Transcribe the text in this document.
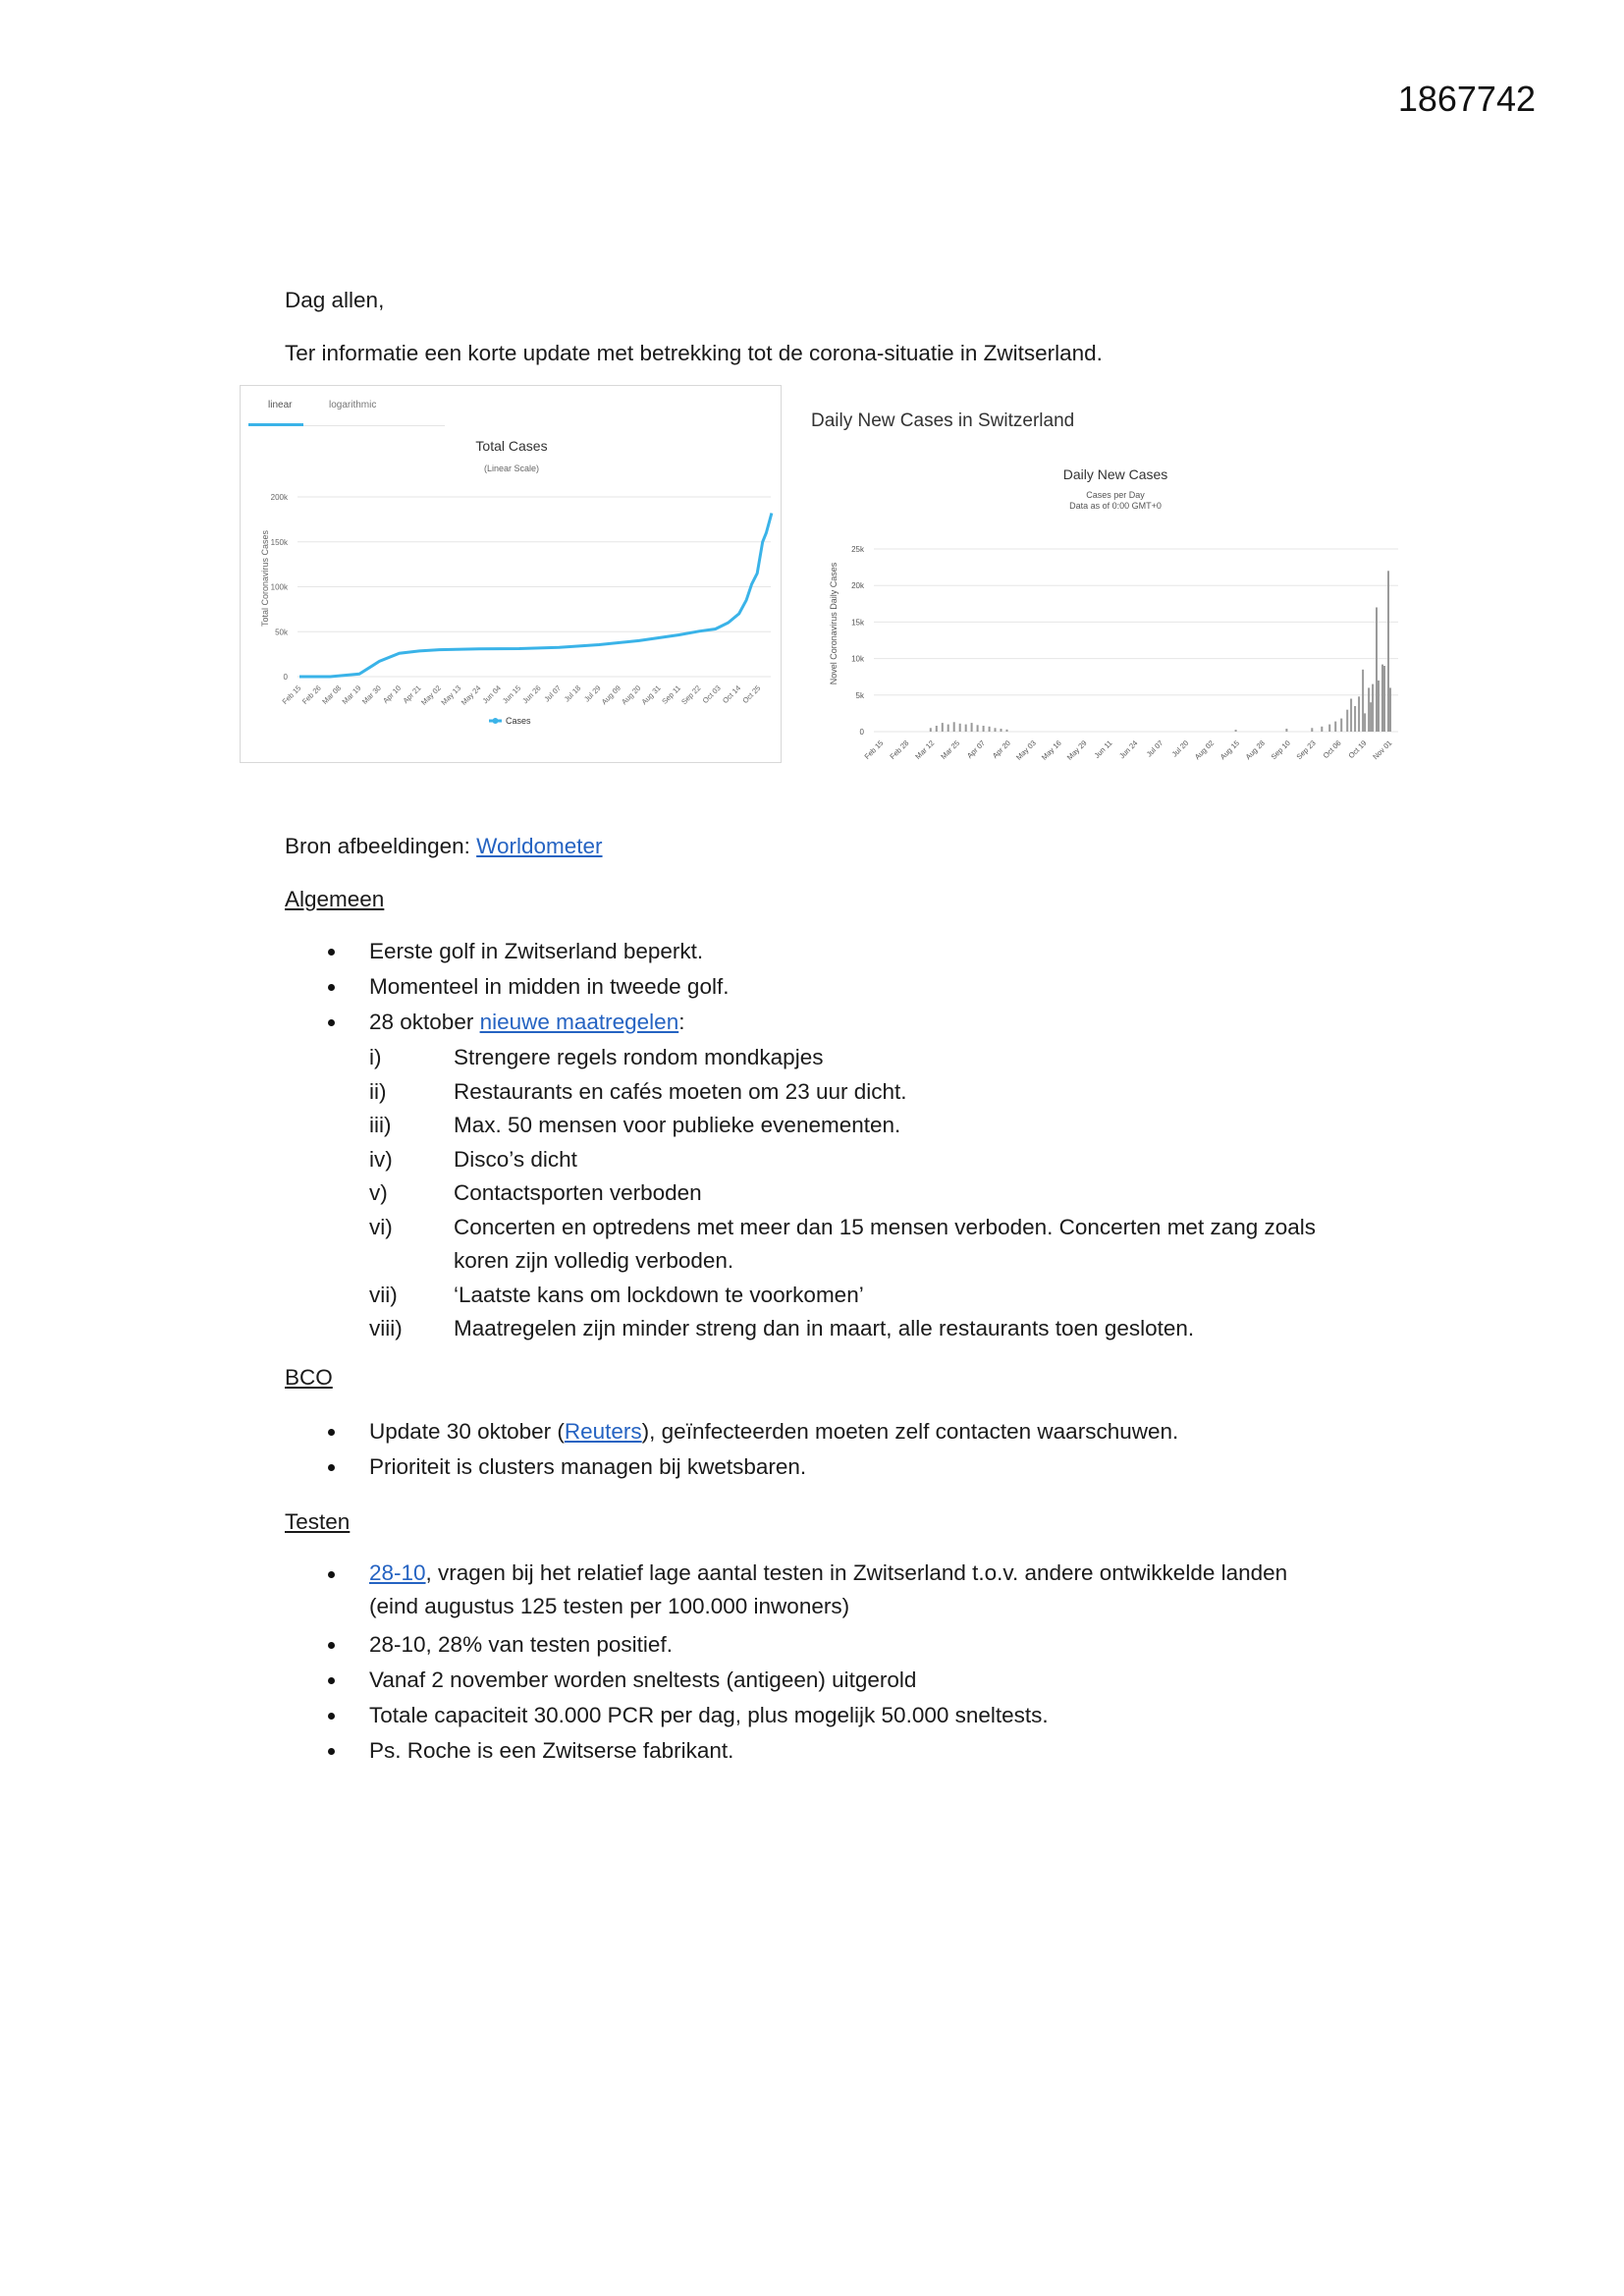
1867742
Dag allen,
Ter informatie een korte update met betrekking tot de corona-situatie in Zwitserland.
linear	logarithmic
Total Cases
(Linear Scale)
Total Coronavirus Cases
0
50k
100k
150k
200k
Feb 15
Feb 26
Mar 08
Mar 19
Mar 30
Apr 10
Apr 21
May 02
May 13
May 24
Jun 04
Jun 15
Jun 26 Jul 07 Jul 18 Jul 29
Aug 09
Aug 20
Aug 31
Sep 11
Sep 22
Oct 03
Oct 14
Oct 25
Cases
Daily New Cases in Switzerland
Daily New Cases
Cases per Day
Data as of 0:00 GMT+0
Novel Coronavirus Daily Cases
0
5k
10k
15k
20k
25k
Feb 15 Feb 28 Mar 12 Mar 25 Apr 07 Apr 20 May 03 May 16 May 29 Jun 11 Jun 24 Jul 07 Jul 20 Aug 02 Aug 15 Aug 28 Sep 10 Sep 23 Oct 06 Oct 19 Nov 01
Bron afbeeldingen: Worldometer
Algemeen
Eerste golf in Zwitserland beperkt.
Momenteel in midden in tweede golf.
28 oktober nieuwe maatregelen:
i)	Strengere regels rondom mondkapjes
ii)	Restaurants en cafés moeten om 23 uur dicht.
iii)	Max. 50 mensen voor publieke evenementen.
iv)	Disco’s dicht
v)	Contactsporten verboden
vi)	Concerten en optredens met meer dan 15 mensen verboden. Concerten met zang zoals koren zijn volledig verboden.
vii)	‘Laatste kans om lockdown te voorkomen’
viii) Maatregelen zijn minder streng dan in maart, alle restaurants toen gesloten.
BCO
Update 30 oktober (Reuters), geïnfecteerden moeten zelf contacten waarschuwen.
Prioriteit is clusters managen bij kwetsbaren.
Testen
28-10, vragen bij het relatief lage aantal testen in Zwitserland t.o.v. andere ontwikkelde landen (eind augustus 125 testen per 100.000 inwoners)
28-10, 28% van testen positief.
Vanaf 2 november worden sneltests (antigeen) uitgerold
Totale capaciteit 30.000 PCR per dag, plus mogelijk 50.000 sneltests.
Ps. Roche is een Zwitserse fabrikant.
